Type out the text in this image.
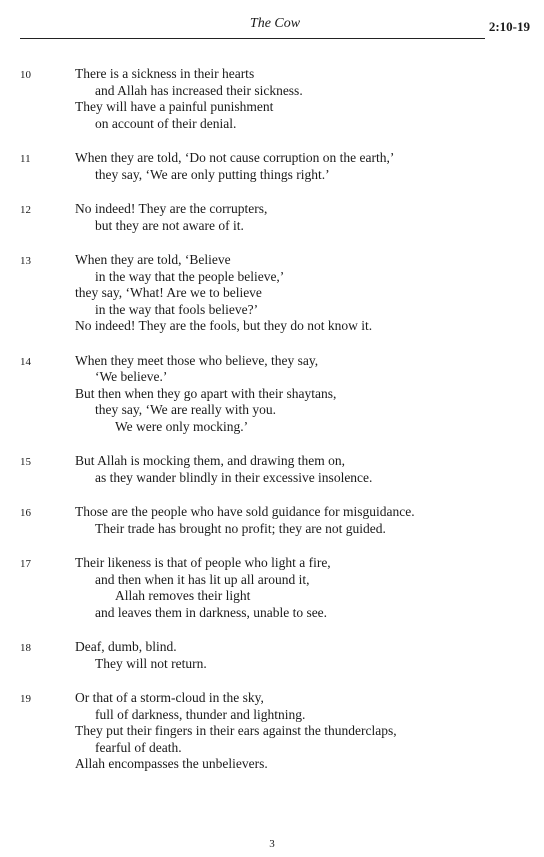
The Cow	2:10-19
10	There is a sickness in their hearts
and Allah has increased their sickness.
They will have a painful punishment
on account of their denial.
11	When they are told, ‘Do not cause corruption on the earth,’
they say, ‘We are only putting things right.’
12	No indeed! They are the corrupters,
but they are not aware of it.
13	When they are told, ‘Believe
in the way that the people believe,’
they say, ‘What! Are we to believe
in the way that fools believe?’
No indeed! They are the fools, but they do not know it.
14	When they meet those who believe, they say,
‘We believe.’
But then when they go apart with their shaytans,
they say, ‘We are really with you.
We were only mocking.’
15	But Allah is mocking them, and drawing them on,
as they wander blindly in their excessive insolence.
16	Those are the people who have sold guidance for misguidance.
Their trade has brought no profit; they are not guided.
17	Their likeness is that of people who light a fire,
and then when it has lit up all around it,
Allah removes their light
and leaves them in darkness, unable to see.
18	Deaf, dumb, blind.
They will not return.
19	Or that of a storm-cloud in the sky,
full of darkness, thunder and lightning.
They put their fingers in their ears against the thunderclaps,
fearful of death.
Allah encompasses the unbelievers.
3
